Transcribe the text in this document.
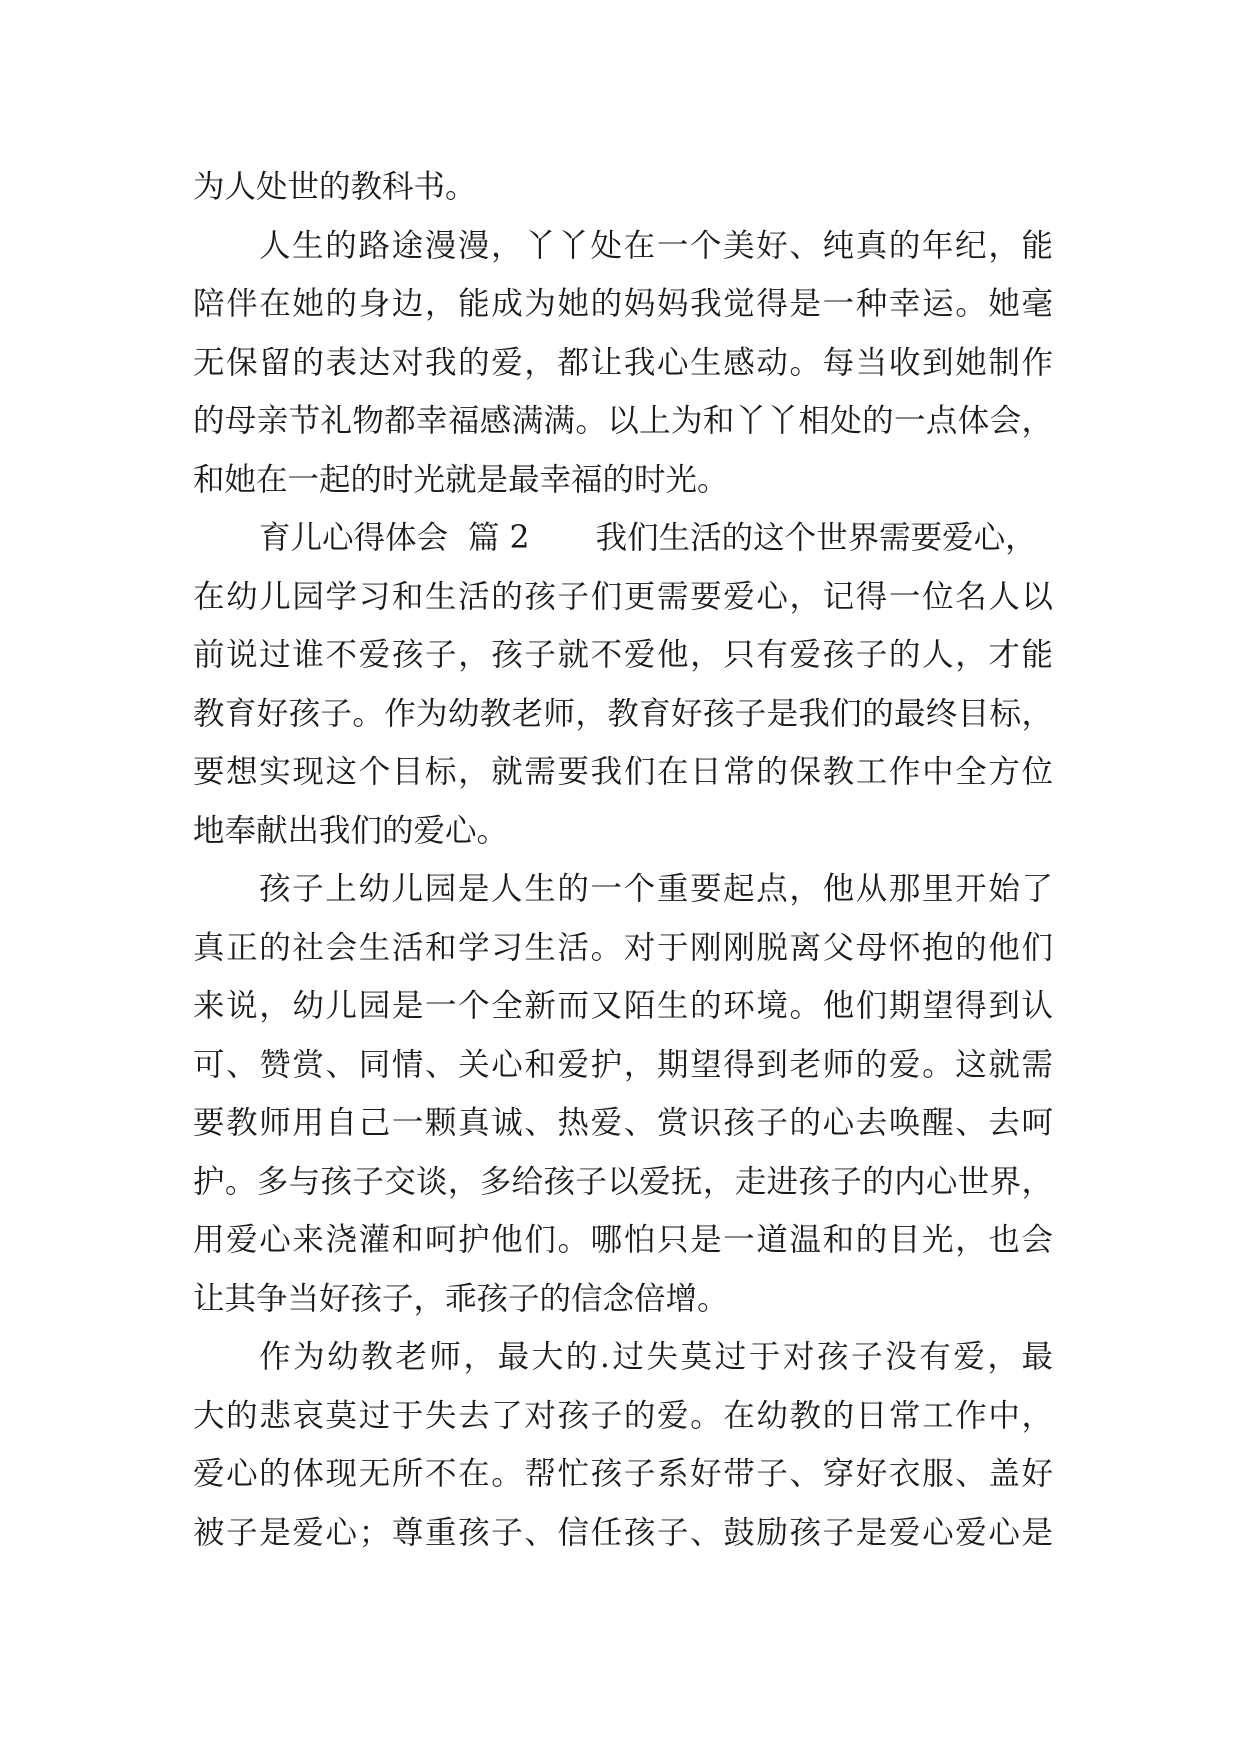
为人处世的教科书。
人生的路途漫漫，丫丫处在一个美好、纯真的年纪，能
陪伴在她的身边，能成为她的妈妈我觉得是一种幸运。她毫
无保留的表达对我的爱，都让我心生感动。每当收到她制作
的母亲节礼物都幸福感满满。以上为和丫丫相处的一点体会，
和她在一起的时光就是最幸福的时光。
育儿心得体会  篇 2 我们生活的这个世界需要爱心，
在幼儿园学习和生活的孩子们更需要爱心，记得一位名人以
前说过谁不爱孩子，孩子就不爱他，只有爱孩子的人，才能
教育好孩子。作为幼教老师，教育好孩子是我们的最终目标，
要想实现这个目标，就需要我们在日常的保教工作中全方位
地奉献出我们的爱心。
孩子上幼儿园是人生的一个重要起点，他从那里开始了
真正的社会生活和学习生活。对于刚刚脱离父母怀抱的他们
来说，幼儿园是一个全新而又陌生的环境。他们期望得到认
可、赞赏、同情、关心和爱护，期望得到老师的爱。这就需
要教师用自己一颗真诚、热爱、赏识孩子的心去唤醒、去呵
护。多与孩子交谈，多给孩子以爱抚，走进孩子的内心世界，
用爱心来浇灌和呵护他们。哪怕只是一道温和的目光，也会
让其争当好孩子，乖孩子的信念倍增。
作为幼教老师，最大的.过失莫过于对孩子没有爱，最
大的悲哀莫过于失去了对孩子的爱。在幼教的日常工作中，
爱心的体现无所不在。帮忙孩子系好带子、穿好衣服、盖好
被子是爱心；尊重孩子、信任孩子、鼓励孩子是爱心爱心是
